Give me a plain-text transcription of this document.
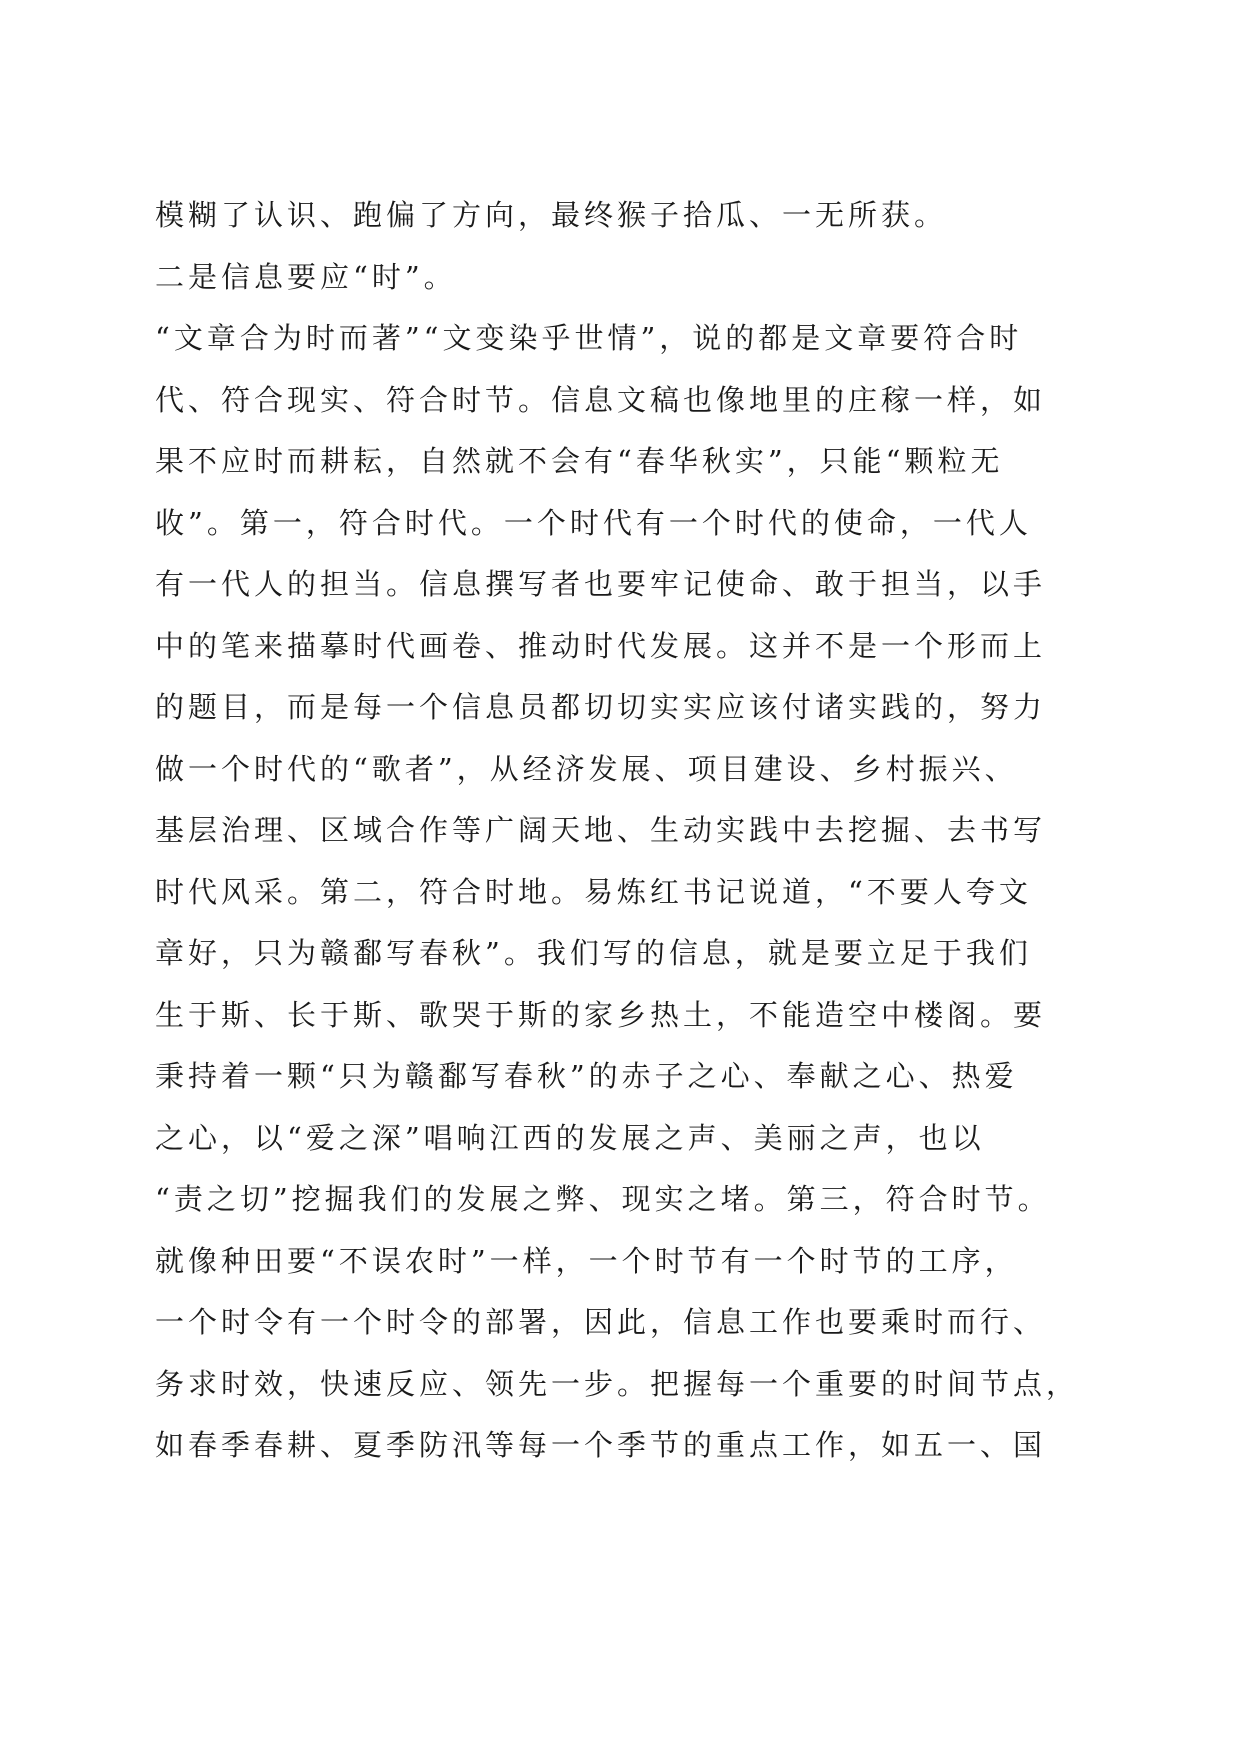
模糊了认识、跑偏了方向，最终猴子拾瓜、一无所获。
二是信息要应“时”。
“文章合为时而著”“文变染乎世情”，说的都是文章要符合时
代、符合现实、符合时节。信息文稿也像地里的庄稼一样，如
果不应时而耕耘，自然就不会有“春华秋实”，只能“颗粒无
收”。第一，符合时代。一个时代有一个时代的使命，一代人
有一代人的担当。信息撰写者也要牢记使命、敢于担当，以手
中的笔来描摹时代画卷、推动时代发展。这并不是一个形而上
的题目，而是每一个信息员都切切实实应该付诸实践的，努力
做一个时代的“歌者”，从经济发展、项目建设、乡村振兴、
基层治理、区域合作等广阔天地、生动实践中去挖掘、去书写
时代风采。第二，符合时地。易炼红书记说道，“不要人夸文
章好，只为赣鄱写春秋”。我们写的信息，就是要立足于我们
生于斯、长于斯、歌哭于斯的家乡热土，不能造空中楼阁。要
秉持着一颗“只为赣鄱写春秋”的赤子之心、奉献之心、热爱
之心，以“爱之深”唱响江西的发展之声、美丽之声，也以
“责之切”挖掘我们的发展之弊、现实之堵。第三，符合时节。
就像种田要“不误农时”一样，一个时节有一个时节的工序，
一个时令有一个时令的部署，因此，信息工作也要乘时而行、
务求时效，快速反应、领先一步。把握每一个重要的时间节点，
如春季春耕、夏季防汛等每一个季节的重点工作，如五一、国
